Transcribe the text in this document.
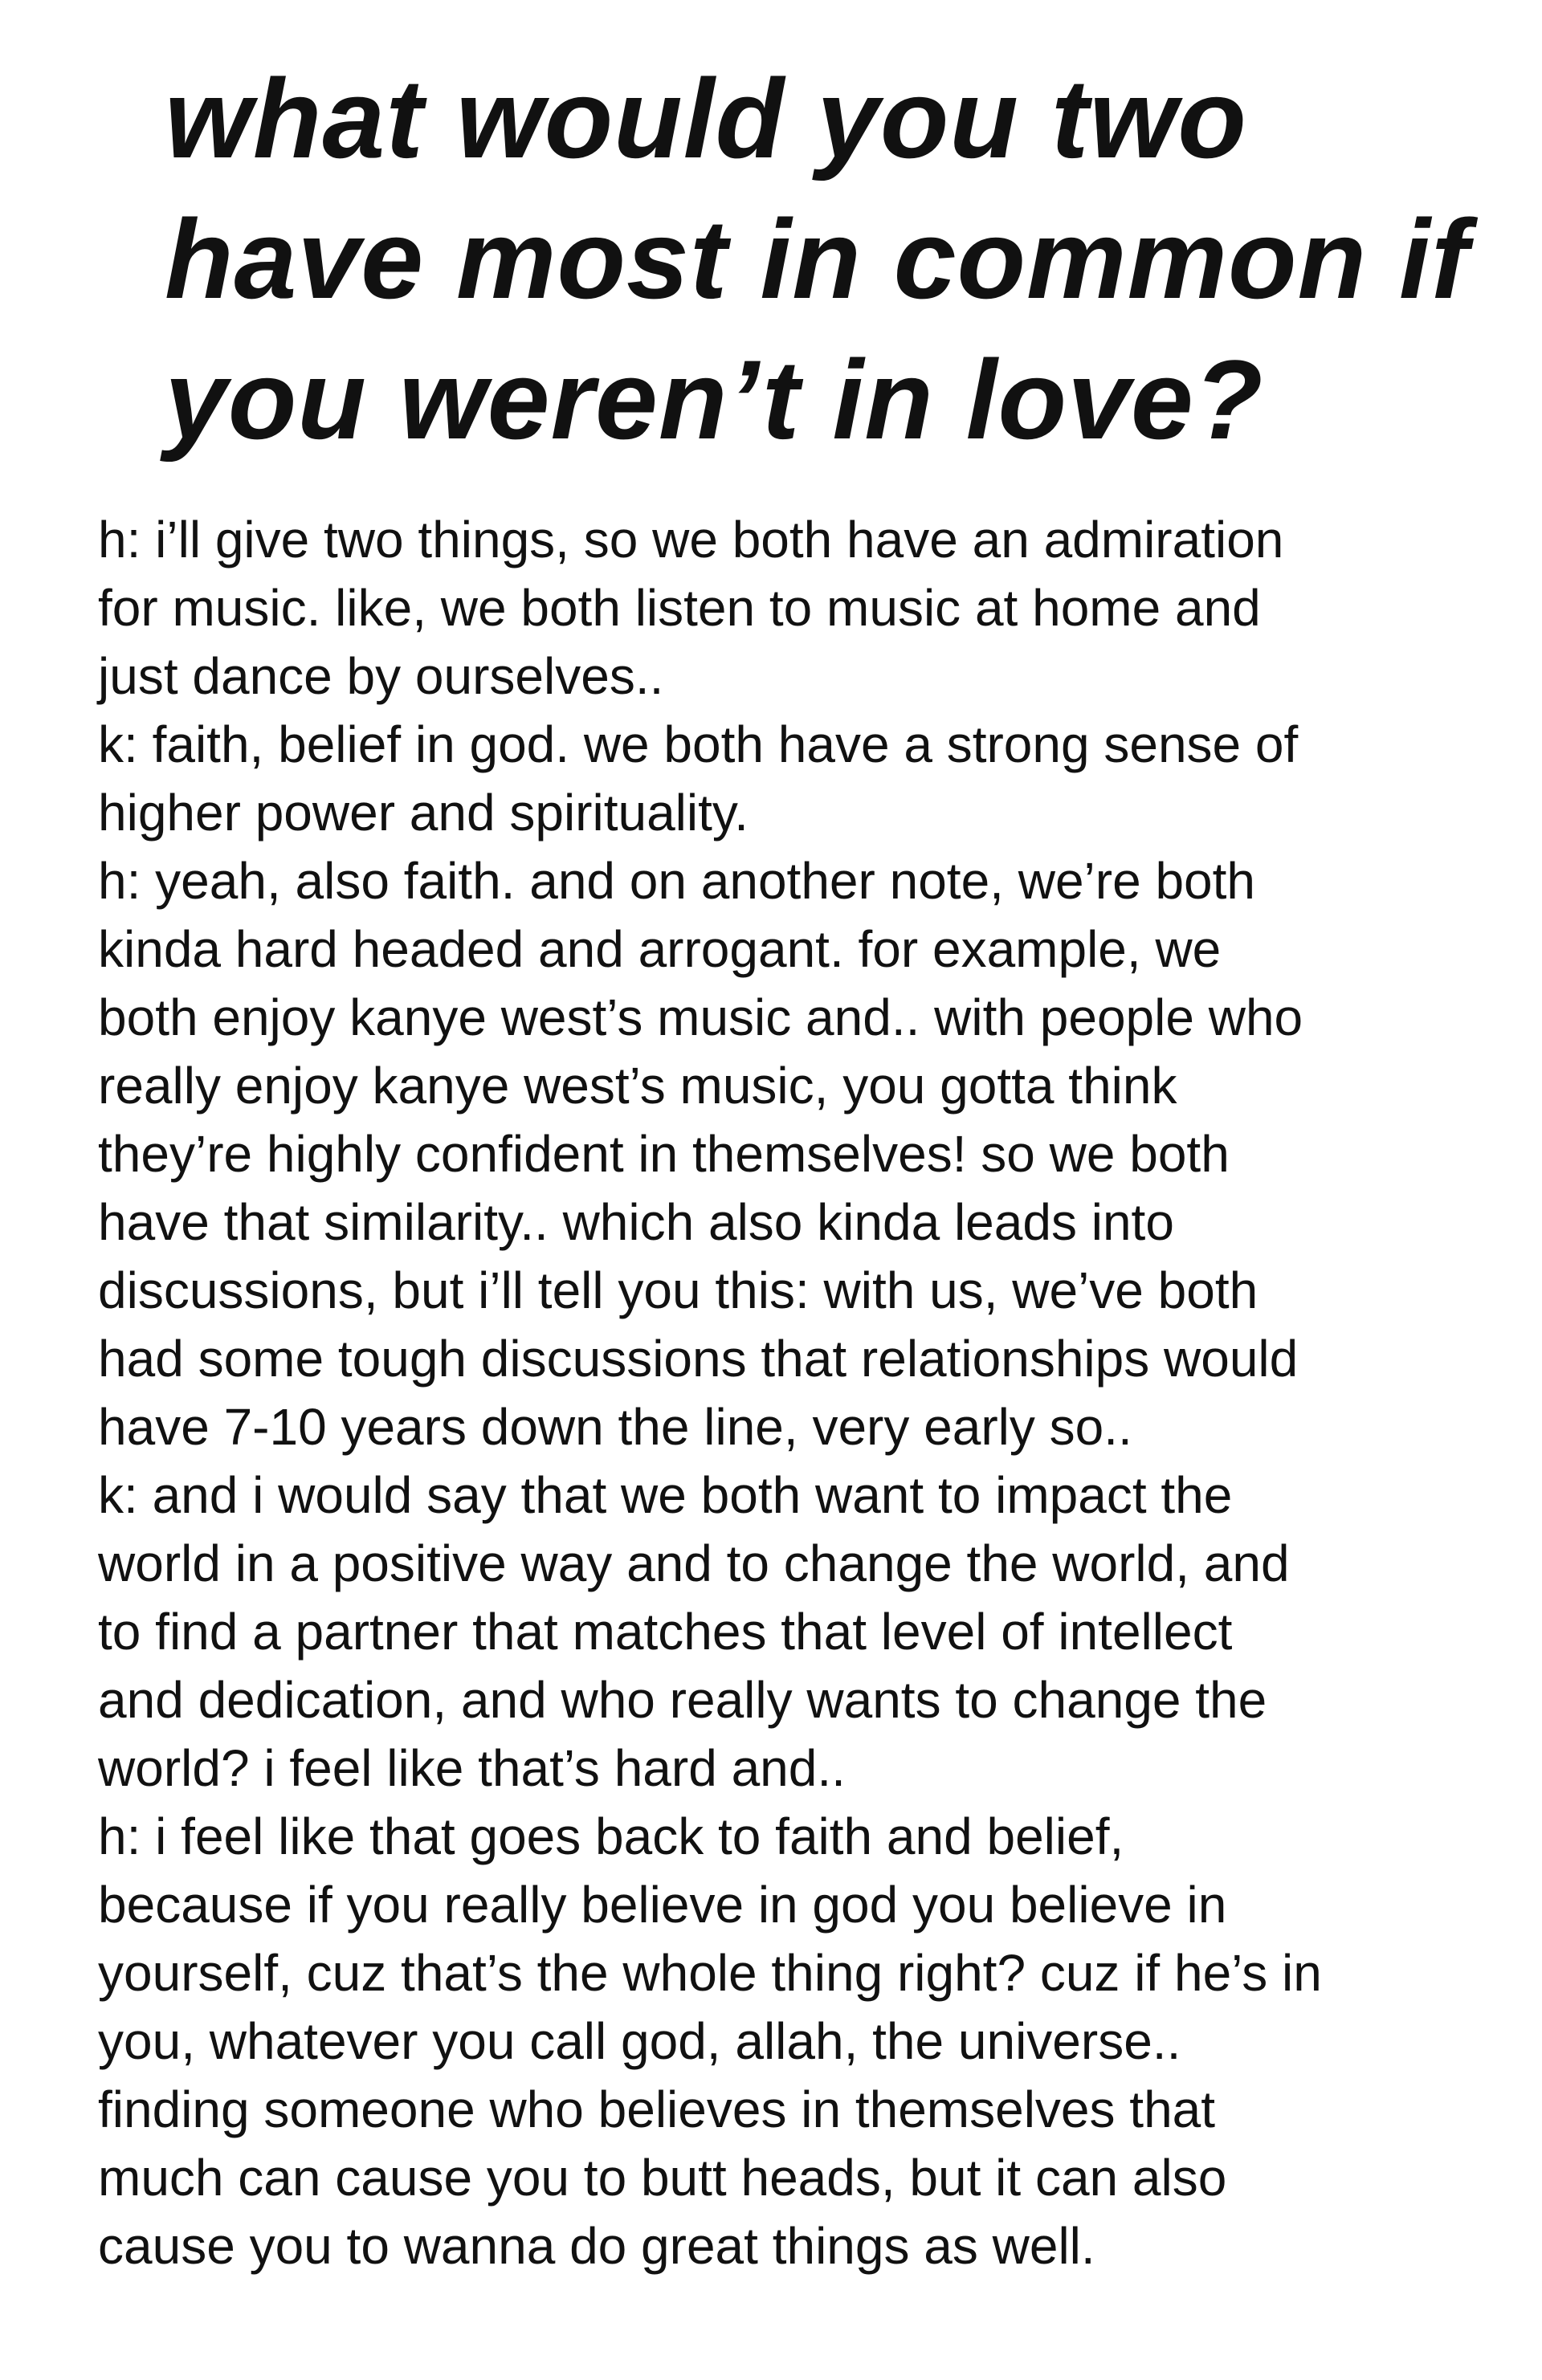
what would you two
have most in common if
you weren’t in love?
h: i’ll give two things, so we both have an admiration
for music. like, we both listen to music at home and
just dance by ourselves..
k: faith, belief in god. we both have a strong sense of
higher power and spirituality.
h: yeah, also faith. and on another note, we’re both
kinda hard headed and arrogant. for example, we
both enjoy kanye west’s music and.. with people who
really enjoy kanye west’s music, you gotta think
they’re highly confident in themselves! so we both
have that similarity.. which also kinda leads into
discussions, but i’ll tell you this: with us, we’ve both
had some tough discussions that relationships would
have 7-10 years down the line, very early so..
k: and i would say that we both want to impact the
world in a positive way and to change the world, and
to find a partner that matches that level of intellect
and dedication, and who really wants to change the
world? i feel like that’s hard and..
h: i feel like that goes back to faith and belief,
because if you really believe in god you believe in
yourself, cuz that’s the whole thing right? cuz if he’s in
you, whatever you call god, allah, the universe..
finding someone who believes in themselves that
much can cause you to butt heads, but it can also
cause you to wanna do great things as well.
